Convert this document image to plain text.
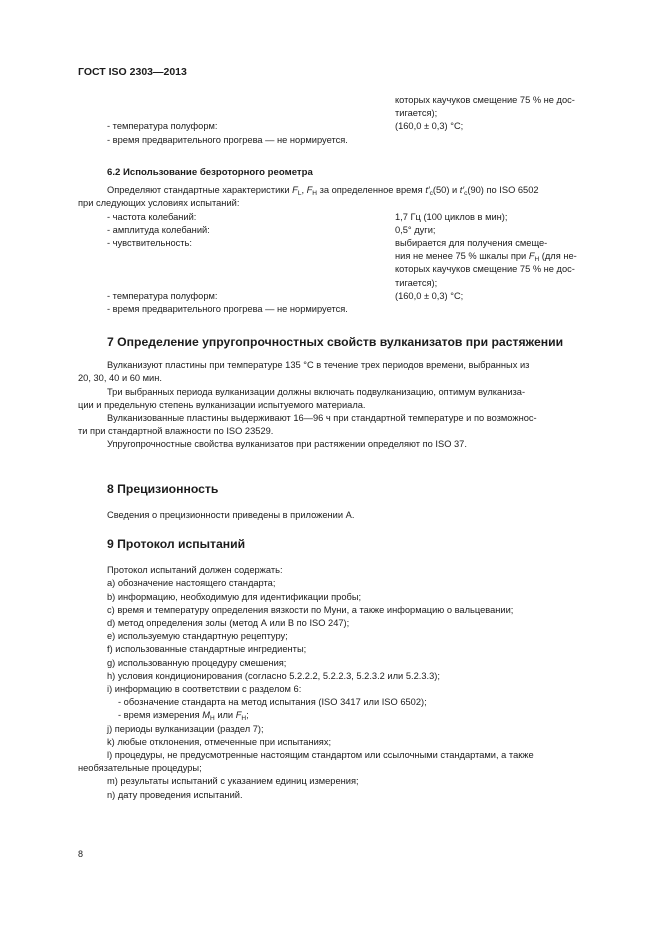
ГОСТ ISO 2303—2013
которых каучуков смещение 75 % не дос-
тигается);
- температура полуформ:	(160,0 ± 0,3) °С;
- время предварительного прогрева — не нормируется.
6.2 Использование безроторного реометра
Определяют стандартные характеристики $F_L$, $F_H$ за определенное время $t'_c(50)$ и $t'_c(90)$ по ISO 6502
при следующих условиях испытаний:
- частота колебаний:	1,7 Гц (100 циклов в мин);
- амплитуда колебаний:	0,5° дуги;
- чувствительность:	выбирается для получения смеще-
ния не менее 75 % шкалы при $F_H$ (для не-
которых каучуков смещение 75 % не дос-
тигается);
- температура полуформ:	(160,0 ± 0,3) °С;
- время предварительного прогрева — не нормируется.
7 Определение упругопрочностных свойств вулканизатов при растяжении
Вулканизуют пластины при температуре 135 °С в течение трех периодов времени, выбранных из
20, 30, 40 и 60 мин.
Три выбранных периода вулканизации должны включать подвулканизацию, оптимум вулканиза-
ции и предельную степень вулканизации испытуемого материала.
Вулканизованные пластины выдерживают 16—96 ч при стандартной температуре и по возможнос-
ти при стандартной влажности по ISO 23529.
Упругопрочностные свойства вулканизатов при растяжении определяют по ISO 37.
8 Прецизионность
Сведения о прецизионности приведены в приложении А.
9 Протокол испытаний
Протокол испытаний должен содержать:
a) обозначение настоящего стандарта;
b) информацию, необходимую для идентификации пробы;
c) время и температуру определения вязкости по Муни, а также информацию о вальцевании;
d) метод определения золы (метод А или В по ISO 247);
e) используемую стандартную рецептуру;
f) использованные стандартные ингредиенты;
g) использованную процедуру смешения;
h) условия кондиционирования (согласно 5.2.2.2, 5.2.2.3, 5.2.3.2 или 5.2.3.3);
i) информацию в соответствии с разделом 6:
- обозначение стандарта на метод испытания (ISO 3417 или ISO 6502);
- время измерения $M_H$ или $F_H$;
j) периоды вулканизации (раздел 7);
k) любые отклонения, отмеченные при испытаниях;
l) процедуры, не предусмотренные настоящим стандартом или ссылочными стандартами, а также
необязательные процедуры;
m) результаты испытаний с указанием единиц измерения;
n) дату проведения испытаний.
8
